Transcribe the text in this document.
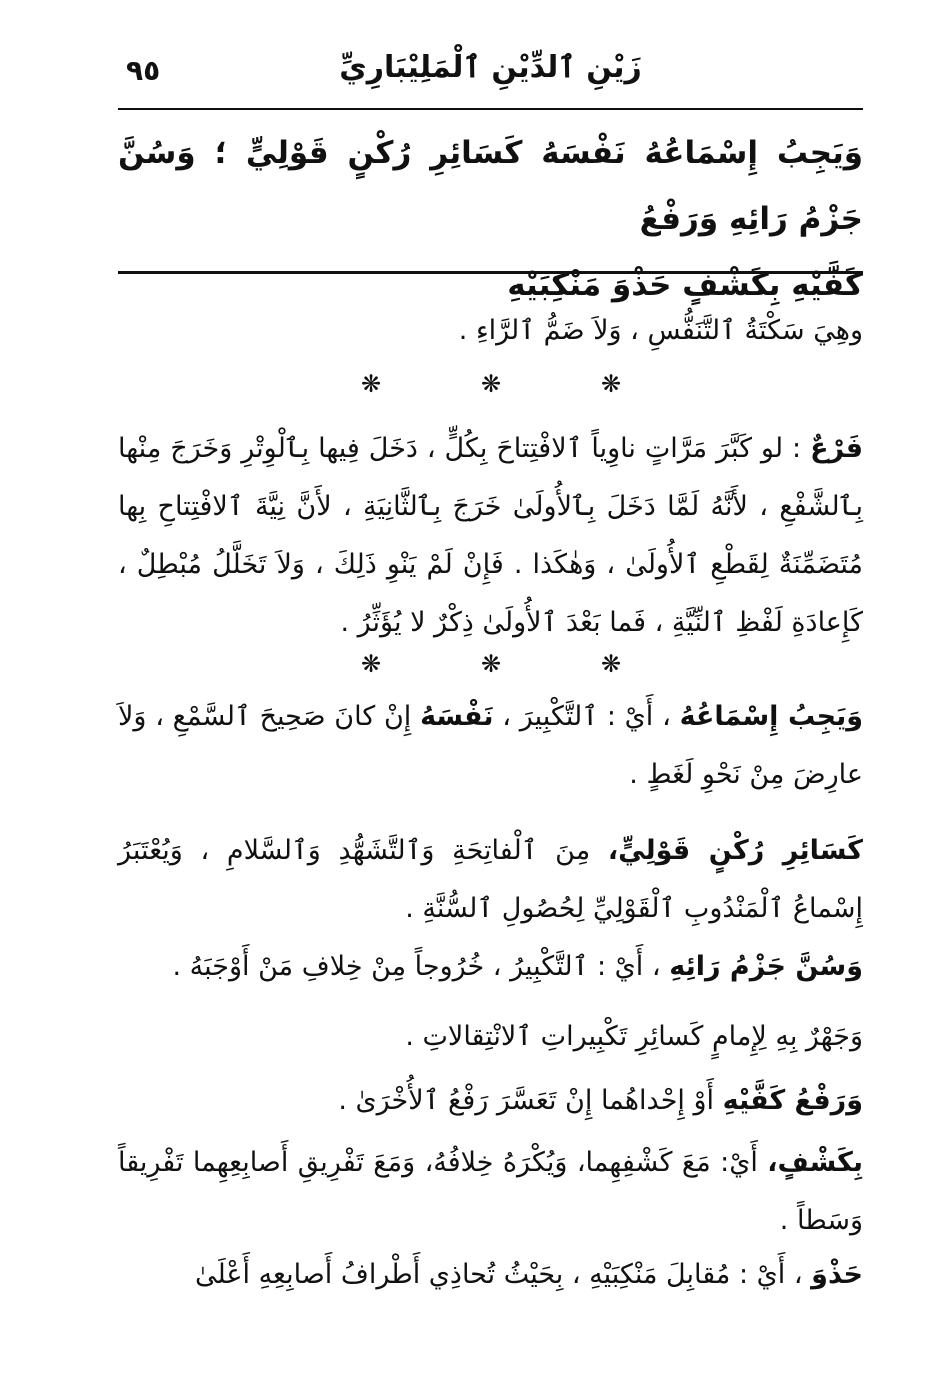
٩٥	زَيْنِ ٱلدِّيْنِ ٱلْمَلِيْبَارِيِّ
وَيَجِبُ إِسْمَاعُهُ نَفْسَهُ كَسَائِرِ رُكْنٍ قَوْلِيٍّ ؛ وَسُنَّ جَزْمُ رَائِهِ وَرَفْعُ
كَفَّيْهِ بِكَشْفٍ حَذْوَ مَنْكِبَيْهِ
وهِيَ سَكْتَةُ ٱلتَّنَفُّسِ ، وَلاَ ضَمُّ ٱلرَّاءِ .
❋	❋	❋
فَرْعٌ : لو كَبَّرَ مَرَّاتٍ ناوِياً ٱلافْتِتاحَ بِكُلٍّ ، دَخَلَ فِيها بِٱلْوِتْرِ وَخَرَجَ مِنْها بِٱلشَّفْعِ ، لأَنَّهُ لَمَّا دَخَلَ بِٱلأُولَىٰ خَرَجَ بِٱلثَّانِيَةِ ، لأَنَّ نِيَّةَ ٱلافْتِتاحِ بِها مُتَضَمِّنَةٌ لِقَطْعِ ٱلأُولَىٰ ، وَهٰكَذا . فَإِنْ لَمْ يَنْوِ ذَلِكَ ، وَلاَ تَخَلَّلُ مُبْطِلٌ ، كَإِعادَةِ لَفْظِ ٱلنِّيَّةِ ، فَما بَعْدَ ٱلأُولَىٰ ذِكْرٌ لا يُؤَثِّرُ .
❋	❋	❋
وَيَجِبُ إِسْمَاعُهُ ، أَيْ : ٱلتَّكْبِيرَ ، نَفْسَهُ إِنْ كانَ صَحِيحَ ٱلسَّمْعِ ، وَلاَ عارِضَ مِنْ نَحْوِ لَغَطٍ .
كَسَائِرِ رُكْنٍ قَوْلِيٍّ، مِنَ ٱلْفاتِحَةِ وَٱلتَّشَهُّدِ وَٱلسَّلامِ ، وَيُعْتَبَرُ إِسْماعُ ٱلْمَنْدُوبِ ٱلْقَوْلِيِّ لِحُصُولِ ٱلسُّنَّةِ .
وَسُنَّ جَزْمُ رَائِهِ ، أَيْ : ٱلتَّكْبِيرُ ، خُرُوجاً مِنْ خِلافِ مَنْ أَوْجَبَهُ .
وَجَهْرٌ بِهِ لِإِمامٍ كَسائِرِ تَكْبِيراتِ ٱلانْتِقالاتِ .
وَرَفْعُ كَفَّيْهِ أَوْ إِحْداهُما إِنْ تَعَسَّرَ رَفْعُ ٱلأُخْرَىٰ .
بِكَشْفٍ، أَيْ: مَعَ كَشْفِهِما، وَيُكْرَهُ خِلافُهُ، وَمَعَ تَفْرِيقِ أَصابِعِهِما تَفْرِيقاً وَسَطاً .
حَذْوَ ، أَيْ : مُقابِلَ مَنْكِبَيْهِ ، بِحَيْثُ تُحاذِي أَطْرافُ أَصابِعِهِ أَعْلَىٰ
